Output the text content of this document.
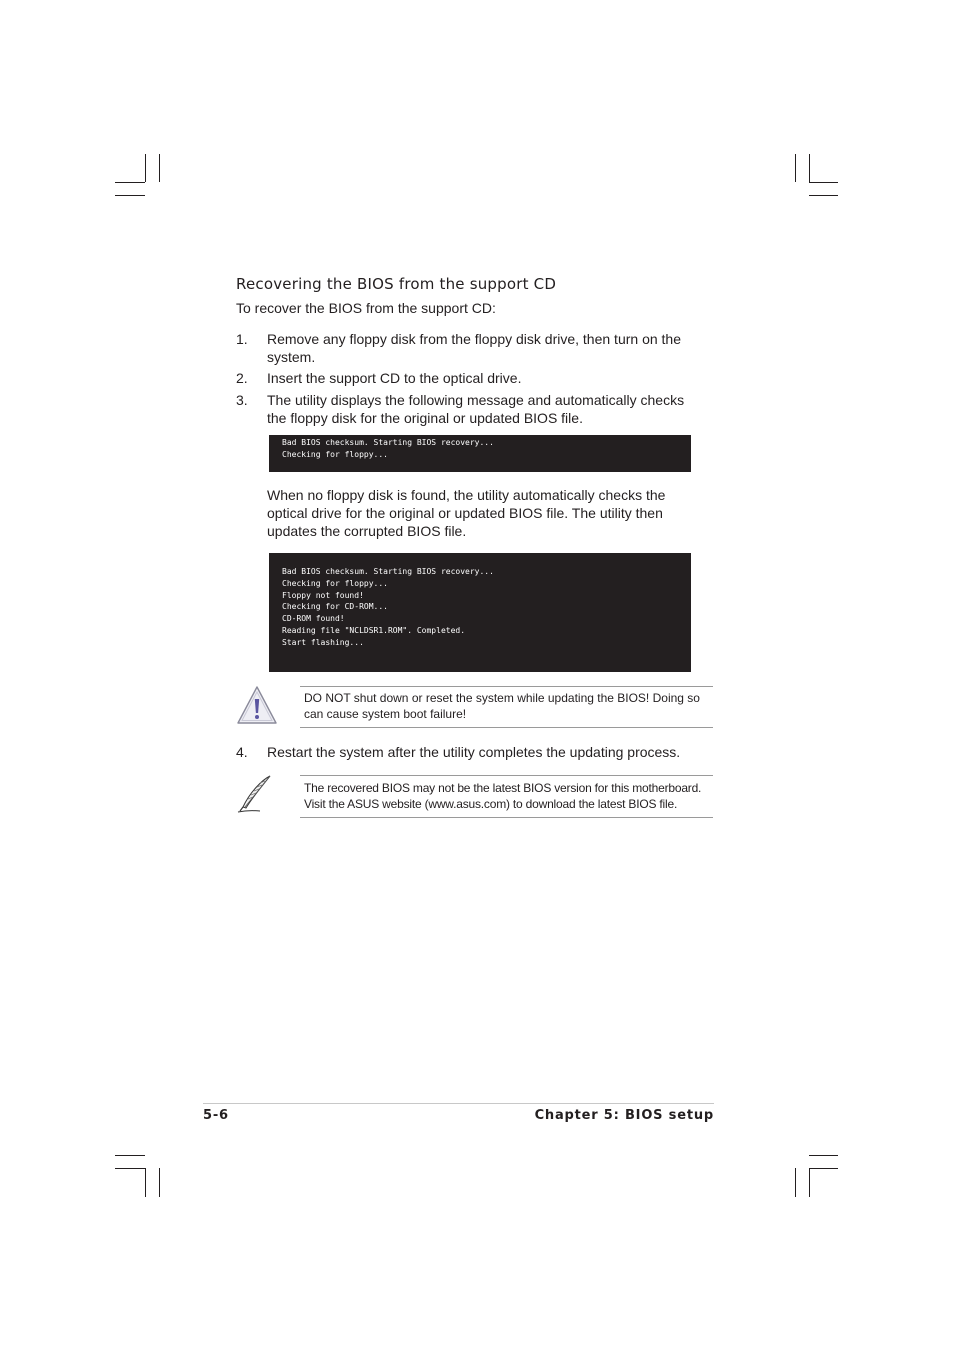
Recovering the BIOS from the support CD

To recover the BIOS from the support CD:

1.	Remove any floppy disk from the floppy disk drive, then turn on the system.
2.	Insert the support CD to the optical drive.
3.	The utility displays the following message and automatically checks the floppy disk for the original or updated BIOS file.
Bad BIOS checksum. Starting BIOS recovery...
Checking for floppy...

When no floppy disk is found, the utility automatically checks the optical drive for the original or updated BIOS file. The utility then updates the corrupted BIOS file.

Bad BIOS checksum. Starting BIOS recovery...
Checking for floppy...
Floppy not found!
Checking for CD-ROM...
CD-ROM found!
Reading file "NCLDSR1.ROM". Completed.
Start flashing...
DO NOT shut down or reset the system while updating the BIOS! Doing so can cause system boot failure!
4.	Restart the system after the utility completes the updating process.
The recovered BIOS may not be the latest BIOS version for this motherboard. Visit the ASUS website (www.asus.com) to download the latest BIOS file.
5-6	Chapter 5: BIOS setup
